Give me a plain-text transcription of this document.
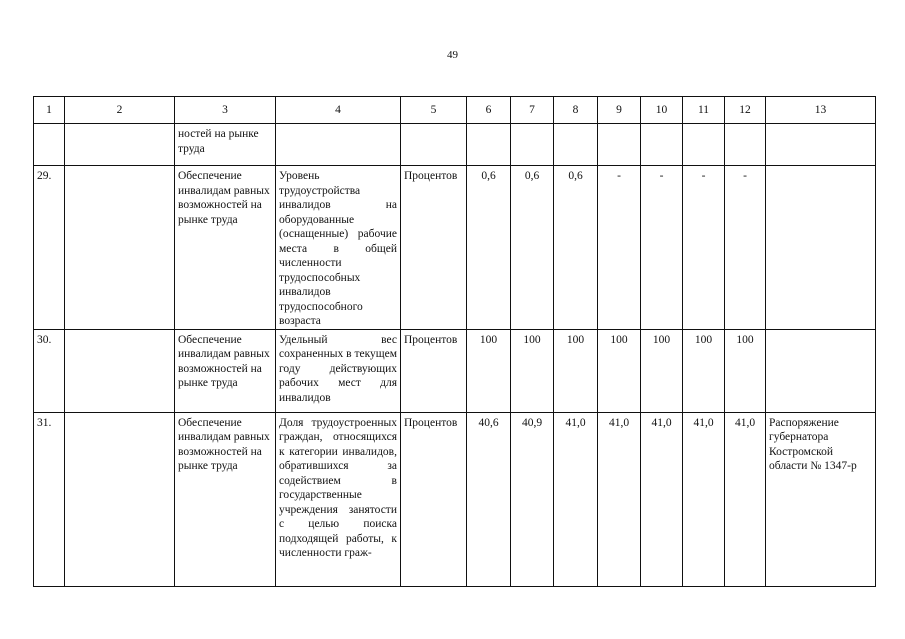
49
1	2	3	4	5	6	7	8	9	10	11	12	13
		ностей на рынке труда										
29.		Обеспечение инвалидам равных возможностей на рынке труда	Уровень трудоустройства инвалидов на оборудованные (оснащенные) рабочие места в общей численности трудоспособных инвалидов трудоспособного возраста	Процентов	0,6	0,6	0,6	-	-	-	-	
30.		Обеспечение инвалидам равных возможностей на рынке труда	Удельный вес сохраненных в текущем году действующих рабочих мест для инвалидов	Процентов	100	100	100	100	100	100	100	
31.		Обеспечение инвалидам равных возможностей на рынке труда	Доля трудоустроенных граждан, относящихся к категории инвалидов, обратившихся за содействием в государственные учреждения занятости с целью поиска подходящей работы, к численности граж-	Процентов	40,6	40,9	41,0	41,0	41,0	41,0	41,0	Распоряжение губернатора Костромской области № 1347-р
